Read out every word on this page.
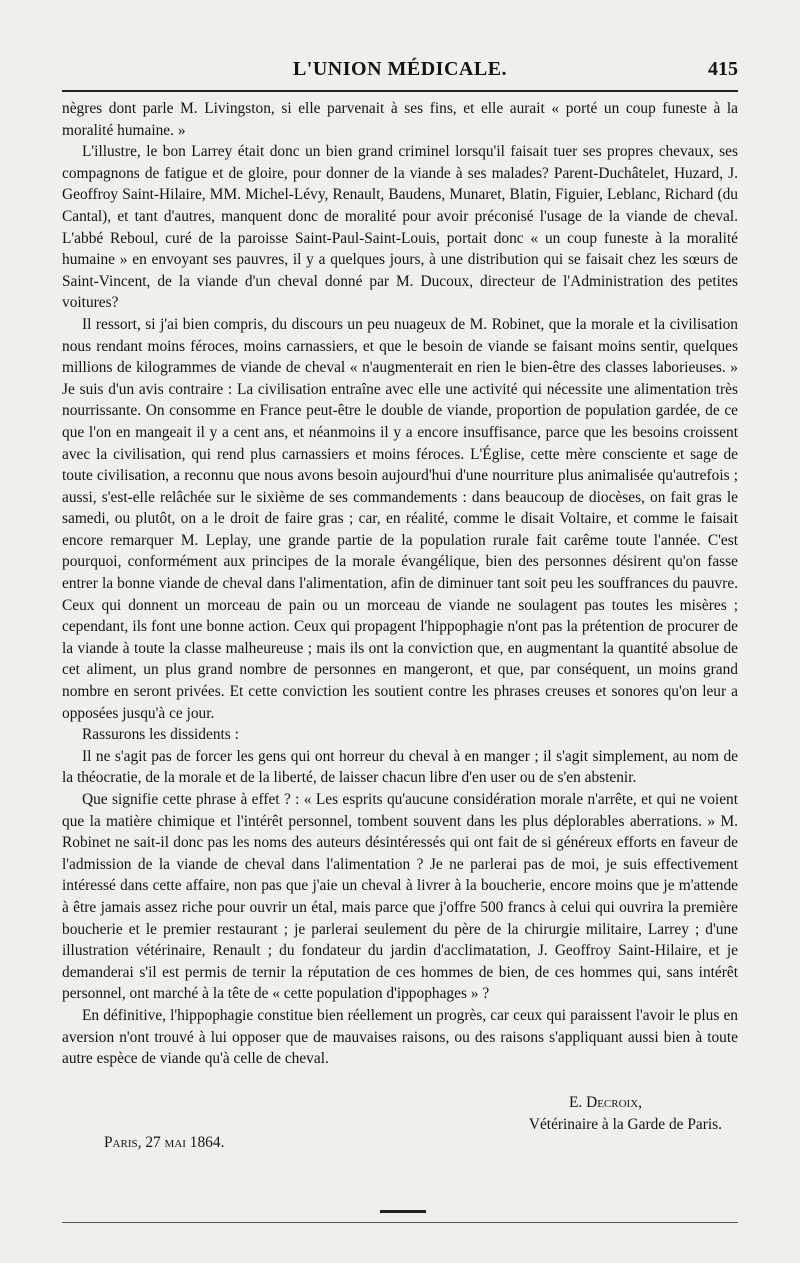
L'UNION MÉDICALE.	415

nègres dont parle M. Livingston, si elle parvenait à ses fins, et elle aurait « porté un coup funeste à la moralité humaine. »

L'illustre, le bon Larrey était donc un bien grand criminel lorsqu'il faisait tuer ses propres chevaux, ses compagnons de fatigue et de gloire, pour donner de la viande à ses malades? Parent-Duchâtelet, Huzard, J. Geoffroy Saint-Hilaire, MM. Michel-Lévy, Renault, Baudens, Munaret, Blatin, Figuier, Leblanc, Richard (du Cantal), et tant d'autres, manquent donc de moralité pour avoir préconisé l'usage de la viande de cheval. L'abbé Reboul, curé de la paroisse Saint-Paul-Saint-Louis, portait donc « un coup funeste à la moralité humaine » en envoyant ses pauvres, il y a quelques jours, à une distribution qui se faisait chez les sœurs de Saint-Vincent, de la viande d'un cheval donné par M. Ducoux, directeur de l'Administration des petites voitures?

Il ressort, si j'ai bien compris, du discours un peu nuageux de M. Robinet, que la morale et la civilisation nous rendant moins féroces, moins carnassiers, et que le besoin de viande se faisant moins sentir, quelques millions de kilogrammes de viande de cheval « n'augmenterait en rien le bien-être des classes laborieuses. » Je suis d'un avis contraire : La civilisation entraîne avec elle une activité qui nécessite une alimentation très nourrissante. On consomme en France peut-être le double de viande, proportion de population gardée, de ce que l'on en mangeait il y a cent ans, et néanmoins il y a encore insuffisance, parce que les besoins croissent avec la civilisation, qui rend plus carnassiers et moins féroces. L'Église, cette mère consciente et sage de toute civilisation, a reconnu que nous avons besoin aujourd'hui d'une nourriture plus animalisée qu'autrefois ; aussi, s'est-elle relâchée sur le sixième de ses commandements : dans beaucoup de diocèses, on fait gras le samedi, ou plutôt, on a le droit de faire gras ; car, en réalité, comme le disait Voltaire, et comme le faisait encore remarquer M. Leplay, une grande partie de la population rurale fait carême toute l'année. C'est pourquoi, conformément aux principes de la morale évangélique, bien des personnes désirent qu'on fasse entrer la bonne viande de cheval dans l'alimentation, afin de diminuer tant soit peu les souffrances du pauvre. Ceux qui donnent un morceau de pain ou un morceau de viande ne soulagent pas toutes les misères ; cependant, ils font une bonne action. Ceux qui propagent l'hippophagie n'ont pas la prétention de procurer de la viande à toute la classe malheureuse ; mais ils ont la conviction que, en augmentant la quantité absolue de cet aliment, un plus grand nombre de personnes en mangeront, et que, par conséquent, un moins grand nombre en seront privées. Et cette conviction les soutient contre les phrases creuses et sonores qu'on leur a opposées jusqu'à ce jour.

Rassurons les dissidents :

Il ne s'agit pas de forcer les gens qui ont horreur du cheval à en manger ; il s'agit simplement, au nom de la théocratie, de la morale et de la liberté, de laisser chacun libre d'en user ou de s'en abstenir.

Que signifie cette phrase à effet ? : « Les esprits qu'aucune considération morale n'arrête, et qui ne voient que la matière chimique et l'intérêt personnel, tombent souvent dans les plus déplorables aberrations. » M. Robinet ne sait-il donc pas les noms des auteurs désintéressés qui ont fait de si généreux efforts en faveur de l'admission de la viande de cheval dans l'alimentation ? Je ne parlerai pas de moi, je suis effectivement intéressé dans cette affaire, non pas que j'aie un cheval à livrer à la boucherie, encore moins que je m'attende à être jamais assez riche pour ouvrir un étal, mais parce que j'offre 500 francs à celui qui ouvrira la première boucherie et le premier restaurant ; je parlerai seulement du père de la chirurgie militaire, Larrey ; d'une illustration vétérinaire, Renault ; du fondateur du jardin d'acclimatation, J. Geoffroy Saint-Hilaire, et je demanderai s'il est permis de ternir la réputation de ces hommes de bien, de ces hommes qui, sans intérêt personnel, ont marché à la tête de « cette population d'ippophages » ?

En définitive, l'hippophagie constitue bien réellement un progrès, car ceux qui paraissent l'avoir le plus en aversion n'ont trouvé à lui opposer que de mauvaises raisons, ou des raisons s'appliquant aussi bien à toute autre espèce de viande qu'à celle de cheval.

E. Decroix,
Vétérinaire à la Garde de Paris.
Paris, 27 mai 1864.
